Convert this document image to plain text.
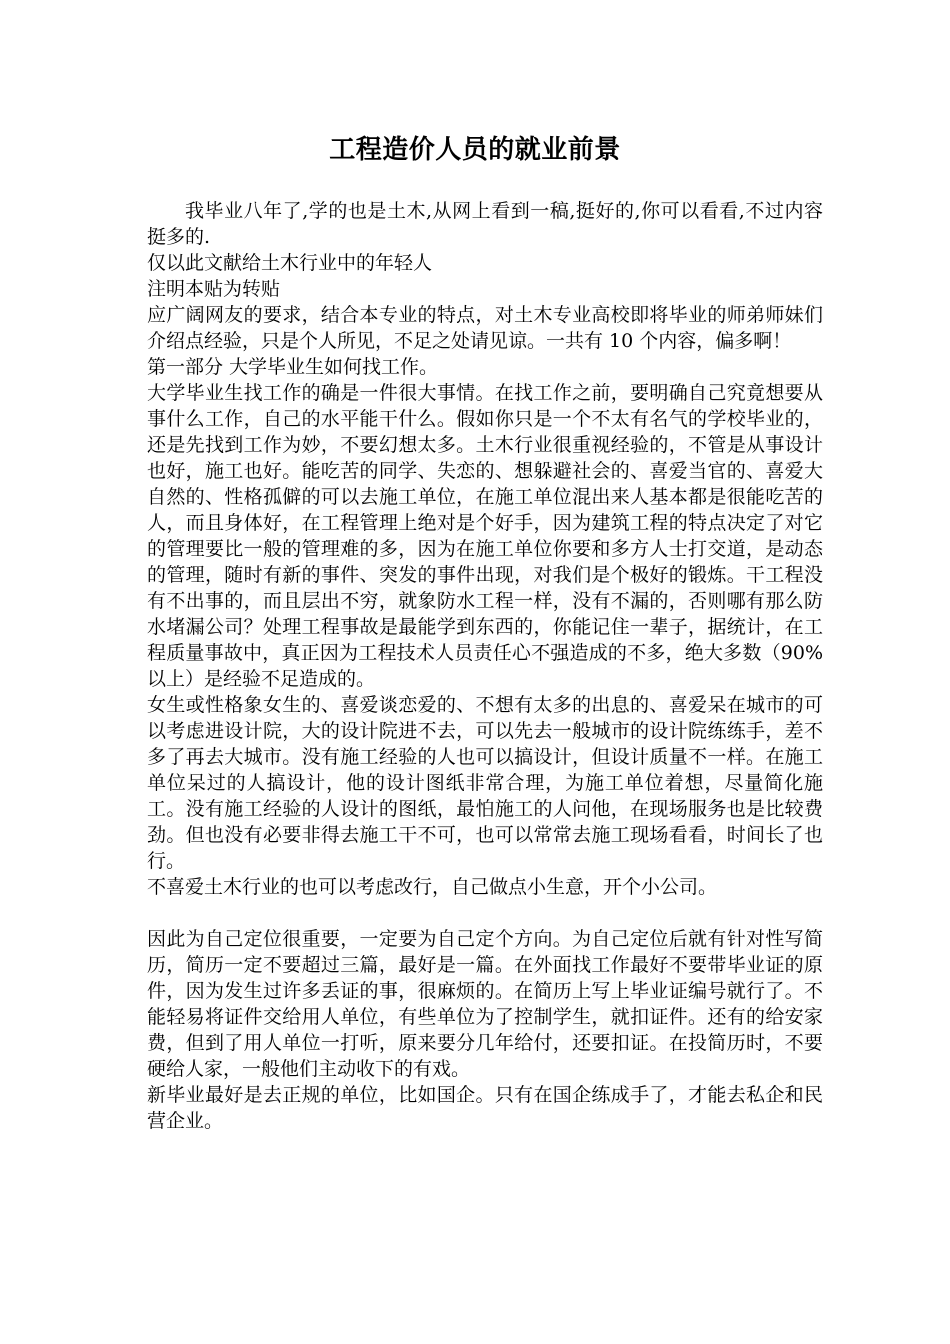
工程造价人员的就业前景

我毕业八年了,学的也是土木,从网上看到一稿,挺好的,你可以看看,不过内容挺多的.

仅以此文献给土木行业中的年轻人

注明本贴为转贴

应广阔网友的要求，结合本专业的特点，对土木专业高校即将毕业的师弟师妹们介绍点经验，只是个人所见，不足之处请见谅。一共有 10 个内容，偏多啊！

第一部分 大学毕业生如何找工作。

大学毕业生找工作的确是一件很大事情。在找工作之前，要明确自己究竟想要从事什么工作，自己的水平能干什么。假如你只是一个不太有名气的学校毕业的，还是先找到工作为妙，不要幻想太多。土木行业很重视经验的，不管是从事设计也好，施工也好。能吃苦的同学、失恋的、想躲避社会的、喜爱当官的、喜爱大自然的、性格孤僻的可以去施工单位，在施工单位混出来人基本都是很能吃苦的人，而且身体好，在工程管理上绝对是个好手，因为建筑工程的特点决定了对它的管理要比一般的管理难的多，因为在施工单位你要和多方人士打交道，是动态的管理，随时有新的事件、突发的事件出现，对我们是个极好的锻炼。干工程没有不出事的，而且层出不穷，就象防水工程一样，没有不漏的，否则哪有那么防水堵漏公司？处理工程事故是最能学到东西的，你能记住一辈子，据统计，在工程质量事故中，真正因为工程技术人员责任心不强造成的不多，绝大多数（90%以上）是经验不足造成的。

女生或性格象女生的、喜爱谈恋爱的、不想有太多的出息的、喜爱呆在城市的可以考虑进设计院，大的设计院进不去，可以先去一般城市的设计院练练手，差不多了再去大城市。没有施工经验的人也可以搞设计，但设计质量不一样。在施工单位呆过的人搞设计，他的设计图纸非常合理，为施工单位着想，尽量简化施工。没有施工经验的人设计的图纸，最怕施工的人问他，在现场服务也是比较费劲。但也没有必要非得去施工干不可，也可以常常去施工现场看看，时间长了也行。

不喜爱土木行业的也可以考虑改行，自己做点小生意，开个小公司。

因此为自己定位很重要，一定要为自己定个方向。为自己定位后就有针对性写简历，简历一定不要超过三篇，最好是一篇。在外面找工作最好不要带毕业证的原件，因为发生过许多丢证的事，很麻烦的。在简历上写上毕业证编号就行了。不能轻易将证件交给用人单位，有些单位为了控制学生，就扣证件。还有的给安家费，但到了用人单位一打听，原来要分几年给付，还要扣证。在投简历时，不要硬给人家，一般他们主动收下的有戏。

新毕业最好是去正规的单位，比如国企。只有在国企练成手了，才能去私企和民营企业。
